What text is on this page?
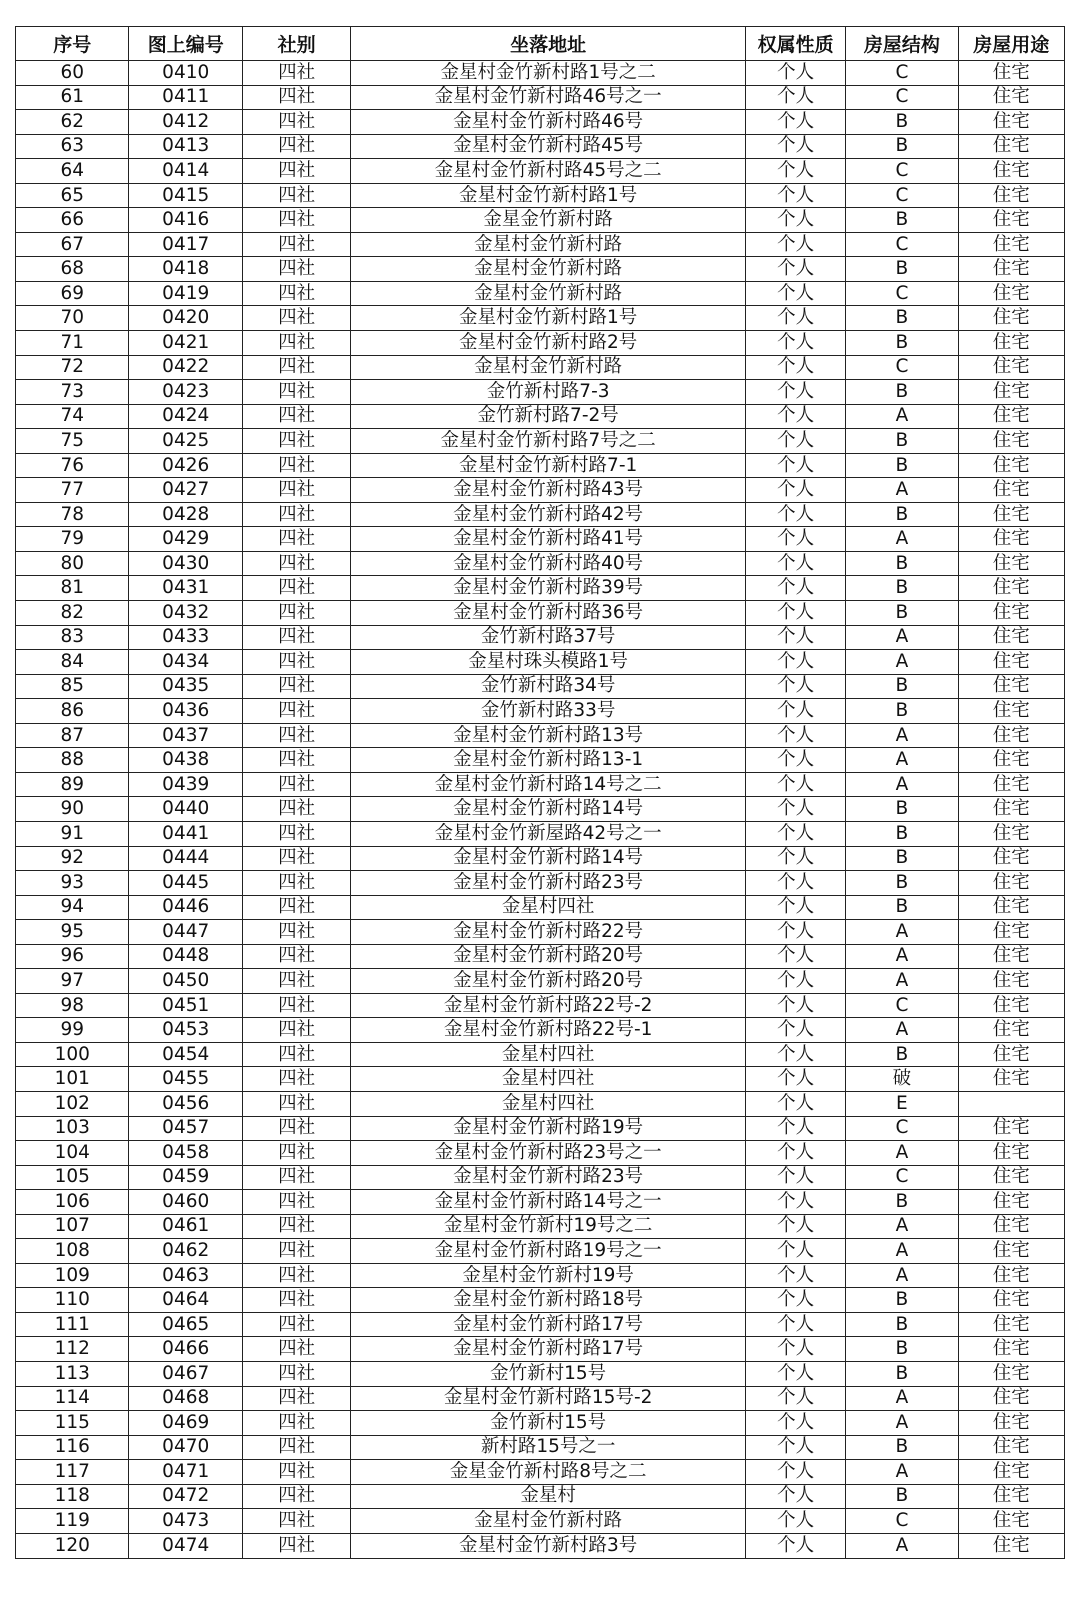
序号	图上编号	社别	坐落地址	权属性质	房屋结构	房屋用途
60	0410	四社	金星村金竹新村路1号之二	个人	C	住宅
61	0411	四社	金星村金竹新村路46号之一	个人	C	住宅
62	0412	四社	金星村金竹新村路46号	个人	B	住宅
63	0413	四社	金星村金竹新村路45号	个人	B	住宅
64	0414	四社	金星村金竹新村路45号之二	个人	C	住宅
65	0415	四社	金星村金竹新村路1号	个人	C	住宅
66	0416	四社	金星金竹新村路	个人	B	住宅
67	0417	四社	金星村金竹新村路	个人	C	住宅
68	0418	四社	金星村金竹新村路	个人	B	住宅
69	0419	四社	金星村金竹新村路	个人	C	住宅
70	0420	四社	金星村金竹新村路1号	个人	B	住宅
71	0421	四社	金星村金竹新村路2号	个人	B	住宅
72	0422	四社	金星村金竹新村路	个人	C	住宅
73	0423	四社	金竹新村路7-3	个人	B	住宅
74	0424	四社	金竹新村路7-2号	个人	A	住宅
75	0425	四社	金星村金竹新村路7号之二	个人	B	住宅
76	0426	四社	金星村金竹新村路7-1	个人	B	住宅
77	0427	四社	金星村金竹新村路43号	个人	A	住宅
78	0428	四社	金星村金竹新村路42号	个人	B	住宅
79	0429	四社	金星村金竹新村路41号	个人	A	住宅
80	0430	四社	金星村金竹新村路40号	个人	B	住宅
81	0431	四社	金星村金竹新村路39号	个人	B	住宅
82	0432	四社	金星村金竹新村路36号	个人	B	住宅
83	0433	四社	金竹新村路37号	个人	A	住宅
84	0434	四社	金星村珠头模路1号	个人	A	住宅
85	0435	四社	金竹新村路34号	个人	B	住宅
86	0436	四社	金竹新村路33号	个人	B	住宅
87	0437	四社	金星村金竹新村路13号	个人	A	住宅
88	0438	四社	金星村金竹新村路13-1	个人	A	住宅
89	0439	四社	金星村金竹新村路14号之二	个人	A	住宅
90	0440	四社	金星村金竹新村路14号	个人	B	住宅
91	0441	四社	金星村金竹新屋路42号之一	个人	B	住宅
92	0444	四社	金星村金竹新村路14号	个人	B	住宅
93	0445	四社	金星村金竹新村路23号	个人	B	住宅
94	0446	四社	金星村四社	个人	B	住宅
95	0447	四社	金星村金竹新村路22号	个人	A	住宅
96	0448	四社	金星村金竹新村路20号	个人	A	住宅
97	0450	四社	金星村金竹新村路20号	个人	A	住宅
98	0451	四社	金星村金竹新村路22号-2	个人	C	住宅
99	0453	四社	金星村金竹新村路22号-1	个人	A	住宅
100	0454	四社	金星村四社	个人	B	住宅
101	0455	四社	金星村四社	个人	破	住宅
102	0456	四社	金星村四社	个人	E	
103	0457	四社	金星村金竹新村路19号	个人	C	住宅
104	0458	四社	金星村金竹新村路23号之一	个人	A	住宅
105	0459	四社	金星村金竹新村路23号	个人	C	住宅
106	0460	四社	金星村金竹新村路14号之一	个人	B	住宅
107	0461	四社	金星村金竹新村19号之二	个人	A	住宅
108	0462	四社	金星村金竹新村路19号之一	个人	A	住宅
109	0463	四社	金星村金竹新村19号	个人	A	住宅
110	0464	四社	金星村金竹新村路18号	个人	B	住宅
111	0465	四社	金星村金竹新村路17号	个人	B	住宅
112	0466	四社	金星村金竹新村路17号	个人	B	住宅
113	0467	四社	金竹新村15号	个人	B	住宅
114	0468	四社	金星村金竹新村路15号-2	个人	A	住宅
115	0469	四社	金竹新村15号	个人	A	住宅
116	0470	四社	新村路15号之一	个人	B	住宅
117	0471	四社	金星金竹新村路8号之二	个人	A	住宅
118	0472	四社	金星村	个人	B	住宅
119	0473	四社	金星村金竹新村路	个人	C	住宅
120	0474	四社	金星村金竹新村路3号	个人	A	住宅
